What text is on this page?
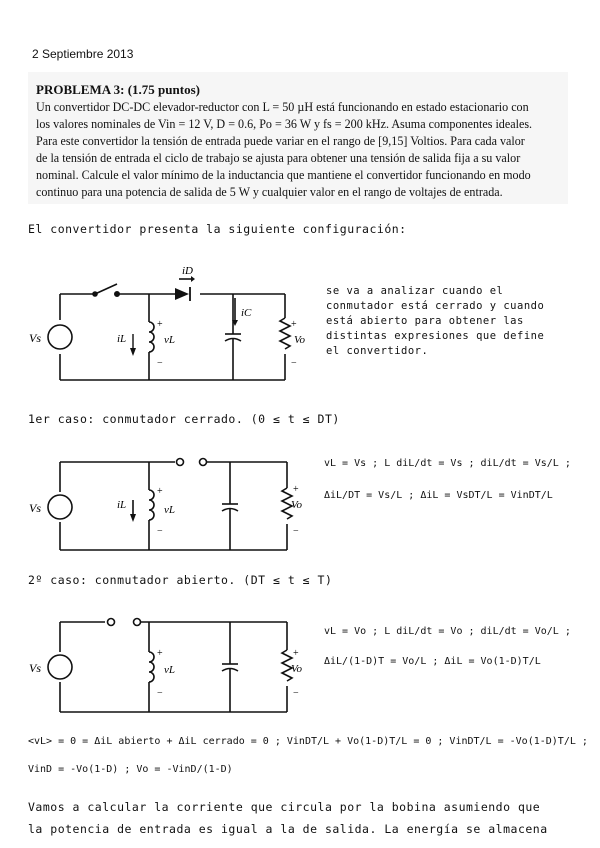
2 Septiembre 2013
PROBLEMA 3: (1.75 puntos)
Un convertidor DC-DC elevador-reductor con L = 50 µH está funcionando en estado estacionario con
los valores nominales de Vin = 12 V, D = 0.6, Po = 36 W y fs = 200 kHz. Asuma componentes ideales.
Para este convertidor la tensión de entrada puede variar en el rango de [9,15] Voltios. Para cada valor
de la tensión de entrada el ciclo de trabajo se ajusta para obtener una tensión de salida fija a su valor
nominal. Calcule el valor mínimo de la inductancia que mantiene el convertidor funcionando en modo
continuo para una potencia de salida de 5 W y cualquier valor en el rango de voltajes de entrada.
El convertidor presenta la siguiente configuración:
Vs	iL	vL
iD
iC
Vo
+
−
+
−
se va a analizar cuando el
conmutador está cerrado y cuando
está abierto para obtener las
distintas expresiones que define
el convertidor.
1er caso: conmutador cerrado. (0 ≤ t ≤ DT)
Vs	iL	vL	Vo
+
−
+
−
vL = Vs ; L diL/dt = Vs ; diL/dt = Vs/L ;
ΔiL/DT = Vs/L ; ΔiL = VsDT/L = VinDT/L
2º caso: conmutador abierto. (DT ≤ t ≤ T)
Vs	vL	Vo
+
−
+
−
vL = Vo ; L diL/dt = Vo ; diL/dt = Vo/L ;
ΔiL/(1-D)T = Vo/L ; ΔiL = Vo(1-D)T/L
<vL> = 0 = ΔiL abierto + ΔiL cerrado = 0 ; VinDT/L + Vo(1-D)T/L = 0 ; VinDT/L = -Vo(1-D)T/L ;
VinD = -Vo(1-D) ; Vo = -VinD/(1-D)
Vamos a calcular la corriente que circula por la bobina asumiendo que
la potencia de entrada es igual a la de salida. La energía se almacena
